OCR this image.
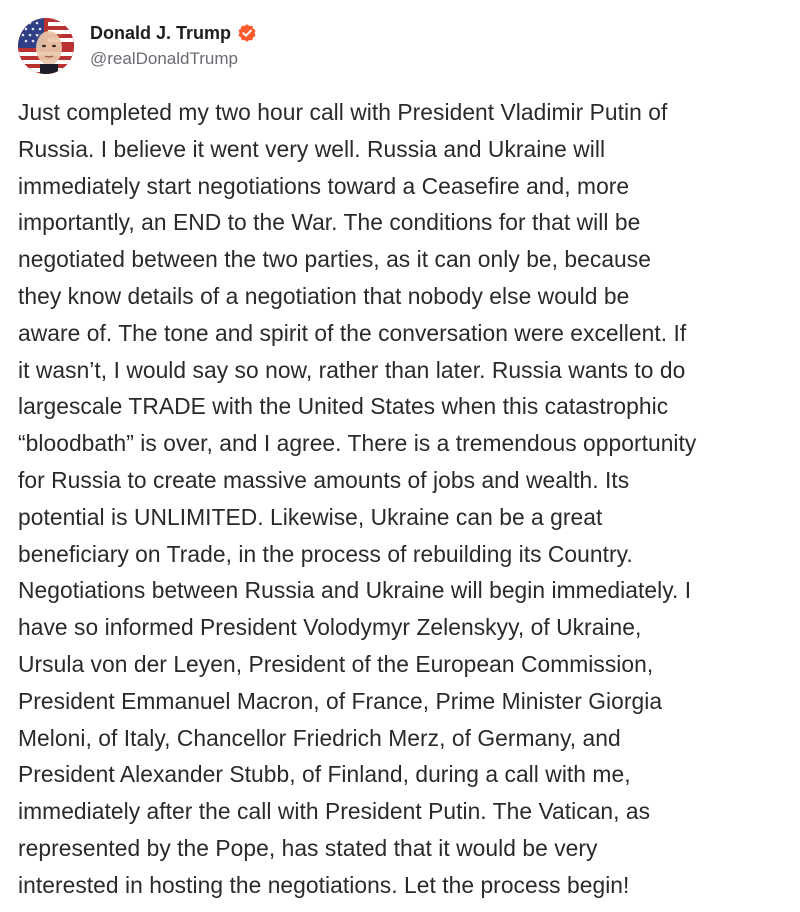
Donald J. Trump
@realDonaldTrump
Just completed my two hour call with President Vladimir Putin of
Russia. I believe it went very well. Russia and Ukraine will
immediately start negotiations toward a Ceasefire and, more
importantly, an END to the War. The conditions for that will be
negotiated between the two parties, as it can only be, because
they know details of a negotiation that nobody else would be
aware of. The tone and spirit of the conversation were excellent. If
it wasn’t, I would say so now, rather than later. Russia wants to do
largescale TRADE with the United States when this catastrophic
“bloodbath” is over, and I agree. There is a tremendous opportunity
for Russia to create massive amounts of jobs and wealth. Its
potential is UNLIMITED. Likewise, Ukraine can be a great
beneficiary on Trade, in the process of rebuilding its Country.
Negotiations between Russia and Ukraine will begin immediately. I
have so informed President Volodymyr Zelenskyy, of Ukraine,
Ursula von der Leyen, President of the European Commission,
President Emmanuel Macron, of France, Prime Minister Giorgia
Meloni, of Italy, Chancellor Friedrich Merz, of Germany, and
President Alexander Stubb, of Finland, during a call with me,
immediately after the call with President Putin. The Vatican, as
represented by the Pope, has stated that it would be very
interested in hosting the negotiations. Let the process begin!
